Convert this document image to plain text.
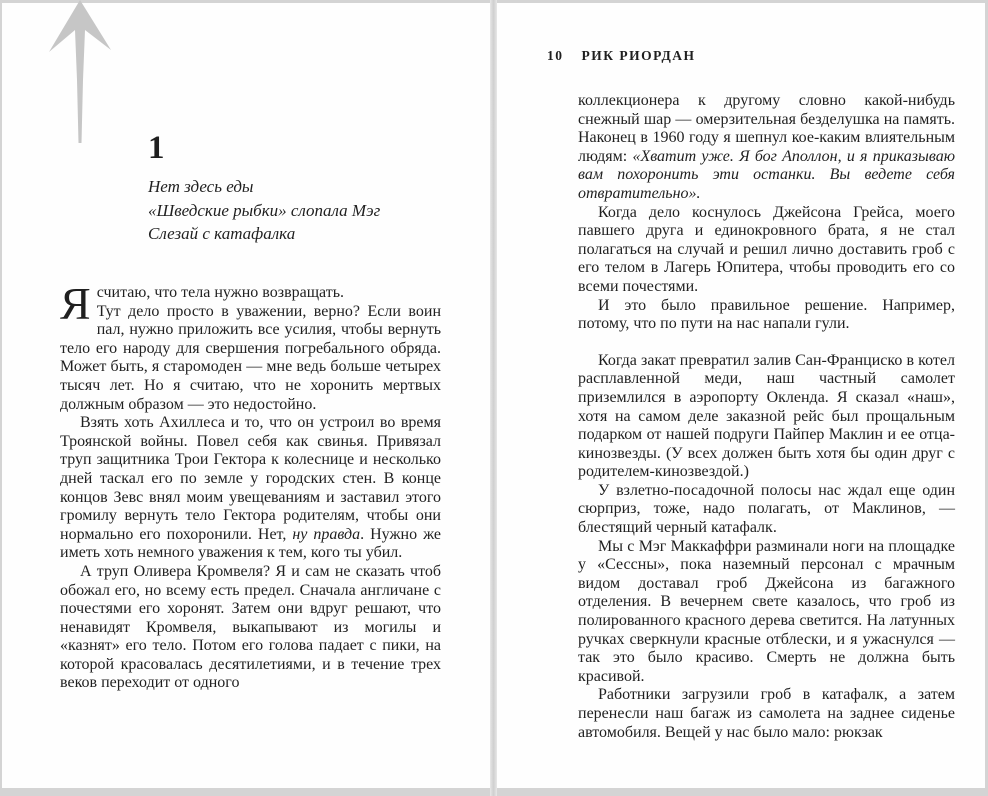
1
Нет здесь еды
«Шведские рыбки» слопала Мэг
Слезай с катафалка

Ясчитаю, что тела нужно возвращать.
Тут дело просто в уважении, верно? Если воин пал, нужно приложить все усилия, чтобы вернуть тело его народу для свершения погребального обряда. Может быть, я старомоден — мне ведь больше четырех тысяч лет. Но я считаю, что не хоронить мертвых должным образом — это недостойно.

Взять хоть Ахиллеса и то, что он устроил во время Троянской войны. Повел себя как свинья. Привязал труп защитника Трои Гектора к колеснице и несколько дней таскал его по земле у городских стен. В конце концов Зевс внял моим увещеваниям и заставил этого громилу вернуть тело Гектора родителям, чтобы они нормально его похоронили. Нет, ну правда. Нужно же иметь хоть немного уважения к тем, кого ты убил.

А труп Оливера Кромвеля? Я и сам не сказать чтоб обожал его, но всему есть предел. Сначала англичане с почестями его хоронят. Затем они вдруг решают, что ненавидят Кромвеля, выкапывают из могилы и «казнят» его тело. Потом его голова падает с пики, на которой красовалась десятилетиями, и в течение трех веков переходит от одного

10 РИК РИОРДАН

коллекционера к другому словно какой-нибудь снежный шар — омерзительная безделушка на память. Наконец в 1960 году я шепнул кое-каким влиятельным людям: «Хватит уже. Я бог Аполлон, и я приказываю вам похоронить эти останки. Вы ведете себя отвратительно».

Когда дело коснулось Джейсона Грейса, моего павшего друга и единокровного брата, я не стал полагаться на случай и решил лично доставить гроб с его телом в Лагерь Юпитера, чтобы проводить его со всеми почестями.

И это было правильное решение. Например, потому, что по пути на нас напали гули.

Когда закат превратил залив Сан-Франциско в котел расплавленной меди, наш частный самолет приземлился в аэропорту Окленда. Я сказал «наш», хотя на самом деле заказной рейс был прощальным подарком от нашей подруги Пайпер Маклин и ее отца-кинозвезды. (У всех должен быть хотя бы один друг с родителем-кинозвездой.)

У взлетно-посадочной полосы нас ждал еще один сюрприз, тоже, надо полагать, от Маклинов, — блестящий черный катафалк.

Мы с Мэг Маккаффри разминали ноги на площадке у «Сессны», пока наземный персонал с мрачным видом доставал гроб Джейсона из багажного отделения. В вечернем свете казалось, что гроб из полированного красного дерева светится. На латунных ручках сверкнули красные отблески, и я ужаснулся — так это было красиво. Смерть не должна быть красивой.

Работники загрузили гроб в катафалк, а затем перенесли наш багаж из самолета на заднее сиденье автомобиля. Вещей у нас было мало: рюкзак
